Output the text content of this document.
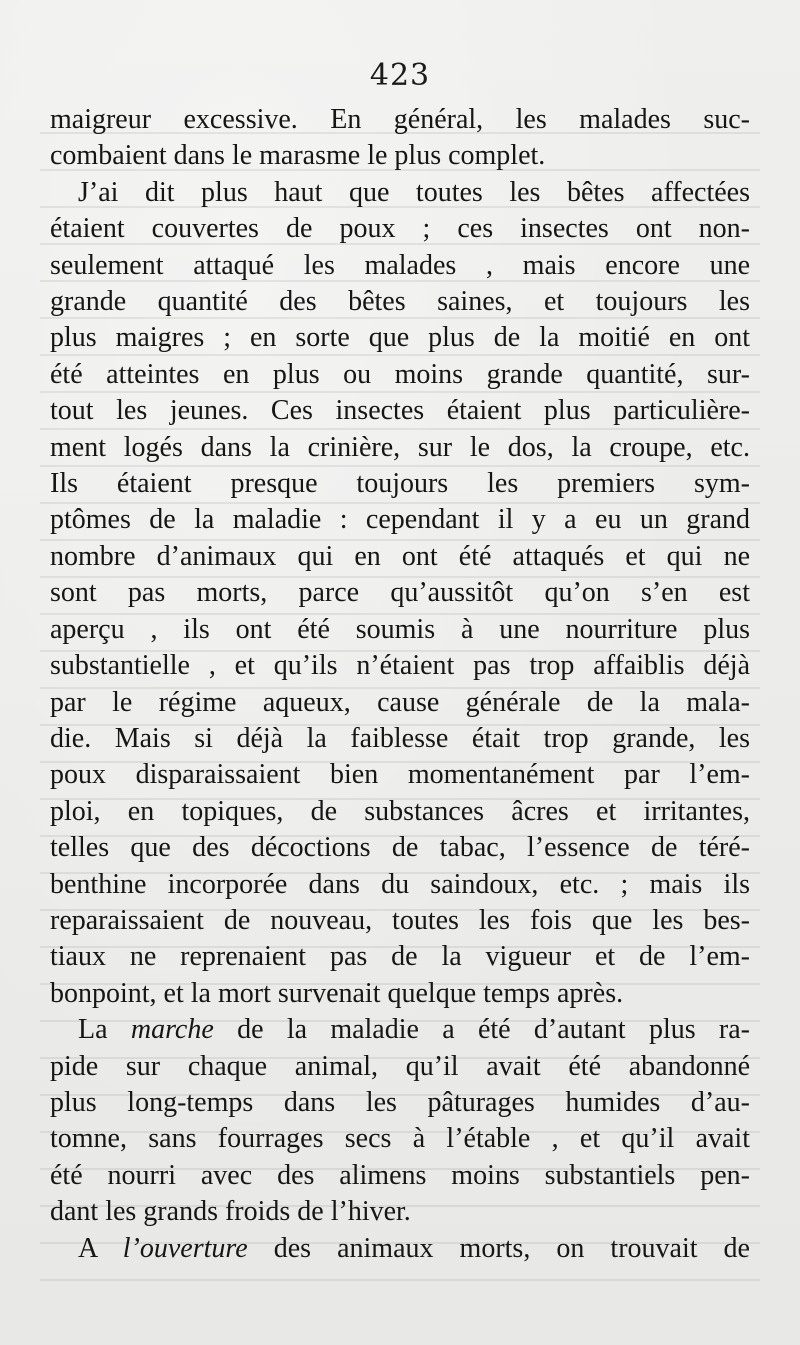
423
maigreur excessive. En général, les malades suc-
combaient dans le marasme le plus complet.
J’ai dit plus haut que toutes les bêtes affectées
étaient couvertes de poux ; ces insectes ont non-
seulement attaqué les malades , mais encore une
grande quantité des bêtes saines, et toujours les
plus maigres ; en sorte que plus de la moitié en ont
été atteintes en plus ou moins grande quantité, sur-
tout les jeunes. Ces insectes étaient plus particulière-
ment logés dans la crinière, sur le dos, la croupe, etc.
Ils étaient presque toujours les premiers sym-
ptômes de la maladie : cependant il y a eu un grand
nombre d’animaux qui en ont été attaqués et qui ne
sont pas morts, parce qu’aussitôt qu’on s’en est
aperçu , ils ont été soumis à une nourriture plus
substantielle , et qu’ils n’étaient pas trop affaiblis déjà
par le régime aqueux, cause générale de la mala-
die. Mais si déjà la faiblesse était trop grande, les
poux disparaissaient bien momentanément par l’em-
ploi, en topiques, de substances âcres et irritantes,
telles que des décoctions de tabac, l’essence de téré-
benthine incorporée dans du saindoux, etc. ; mais ils
reparaissaient de nouveau, toutes les fois que les bes-
tiaux ne reprenaient pas de la vigueur et de l’em-
bonpoint, et la mort survenait quelque temps après.
La marche de la maladie a été d’autant plus ra-
pide sur chaque animal, qu’il avait été abandonné
plus long-temps dans les pâturages humides d’au-
tomne, sans fourrages secs à l’étable , et qu’il avait
été nourri avec des alimens moins substantiels pen-
dant les grands froids de l’hiver.
A l’ouverture des animaux morts, on trouvait de
